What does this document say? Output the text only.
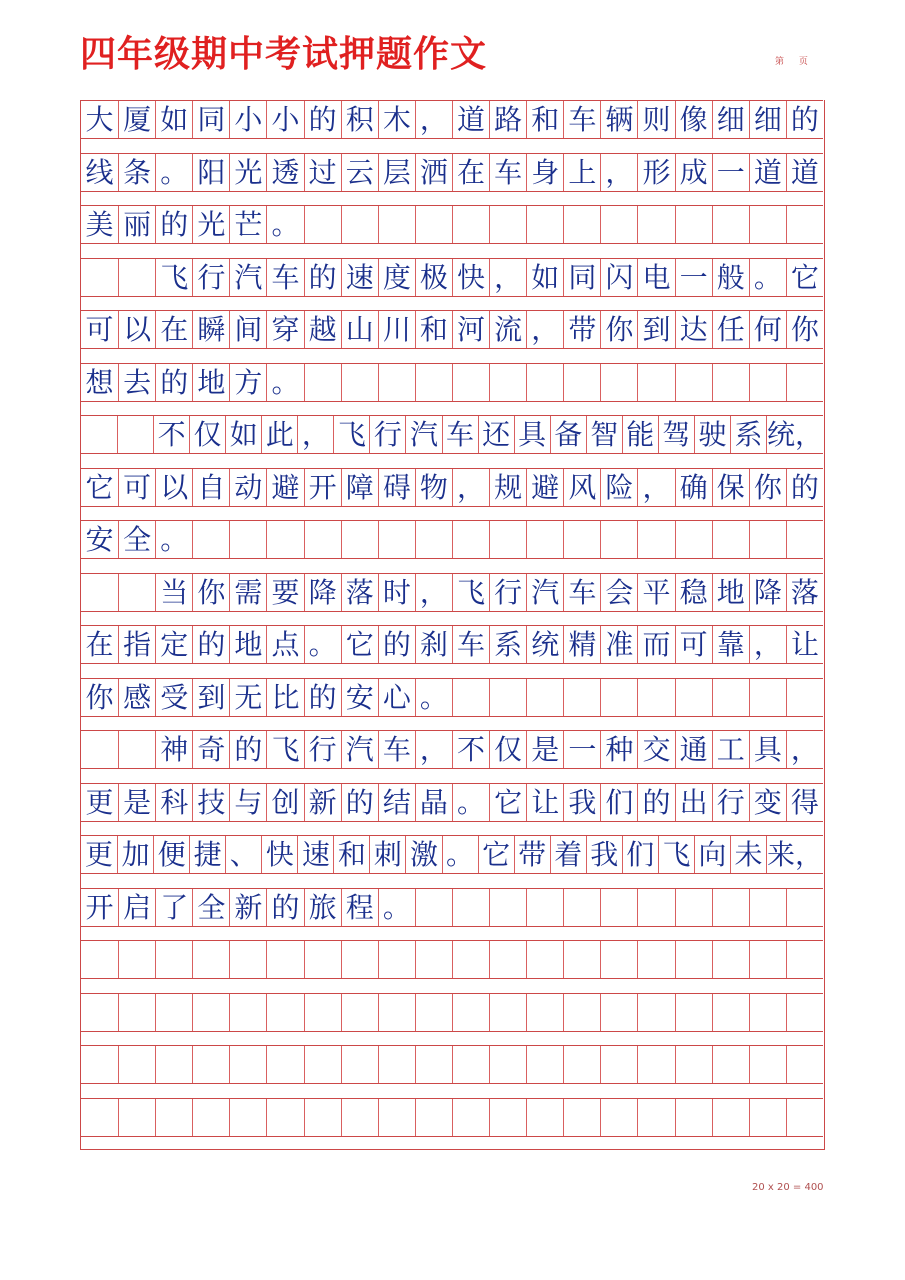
四年级期中考试押题作文	第 页
大 厦 如 同 小 小 的 积 木 ， 道 路 和 车 辆 则 像 细 细 的
线 条 。 阳 光 透 过 云 层 洒 在 车 身 上 ， 形 成 一 道 道
美 丽 的 光 芒 。
飞 行 汽 车 的 速 度 极 快 ， 如 同 闪 电 一 般 。 它
可 以 在 瞬 间 穿 越 山 川 和 河 流 ， 带 你 到 达 任 何 你
想 去 的 地 方 。
不 仅 如 此 ， 飞 行 汽 车 还 具 备 智 能 驾 驶 系 统，
它 可 以 自 动 避 开 障 碍 物 ， 规 避 风 险 ， 确 保 你 的
安 全 。
当 你 需 要 降 落 时 ， 飞 行 汽 车 会 平 稳 地 降 落
在 指 定 的 地 点 。 它 的 刹 车 系 统 精 准 而 可 靠 ， 让
你 感 受 到 无 比 的 安 心 。
神 奇 的 飞 行 汽 车 ， 不 仅 是 一 种 交 通 工 具 ，
更 是 科 技 与 创 新 的 结 晶 。 它 让 我 们 的 出 行 变 得
更 加 便 捷 、 快 速 和 刺 激 。 它 带 着 我 们 飞 向 未 来，
开 启 了 全 新 的 旅 程 。
20 x 20 = 400
